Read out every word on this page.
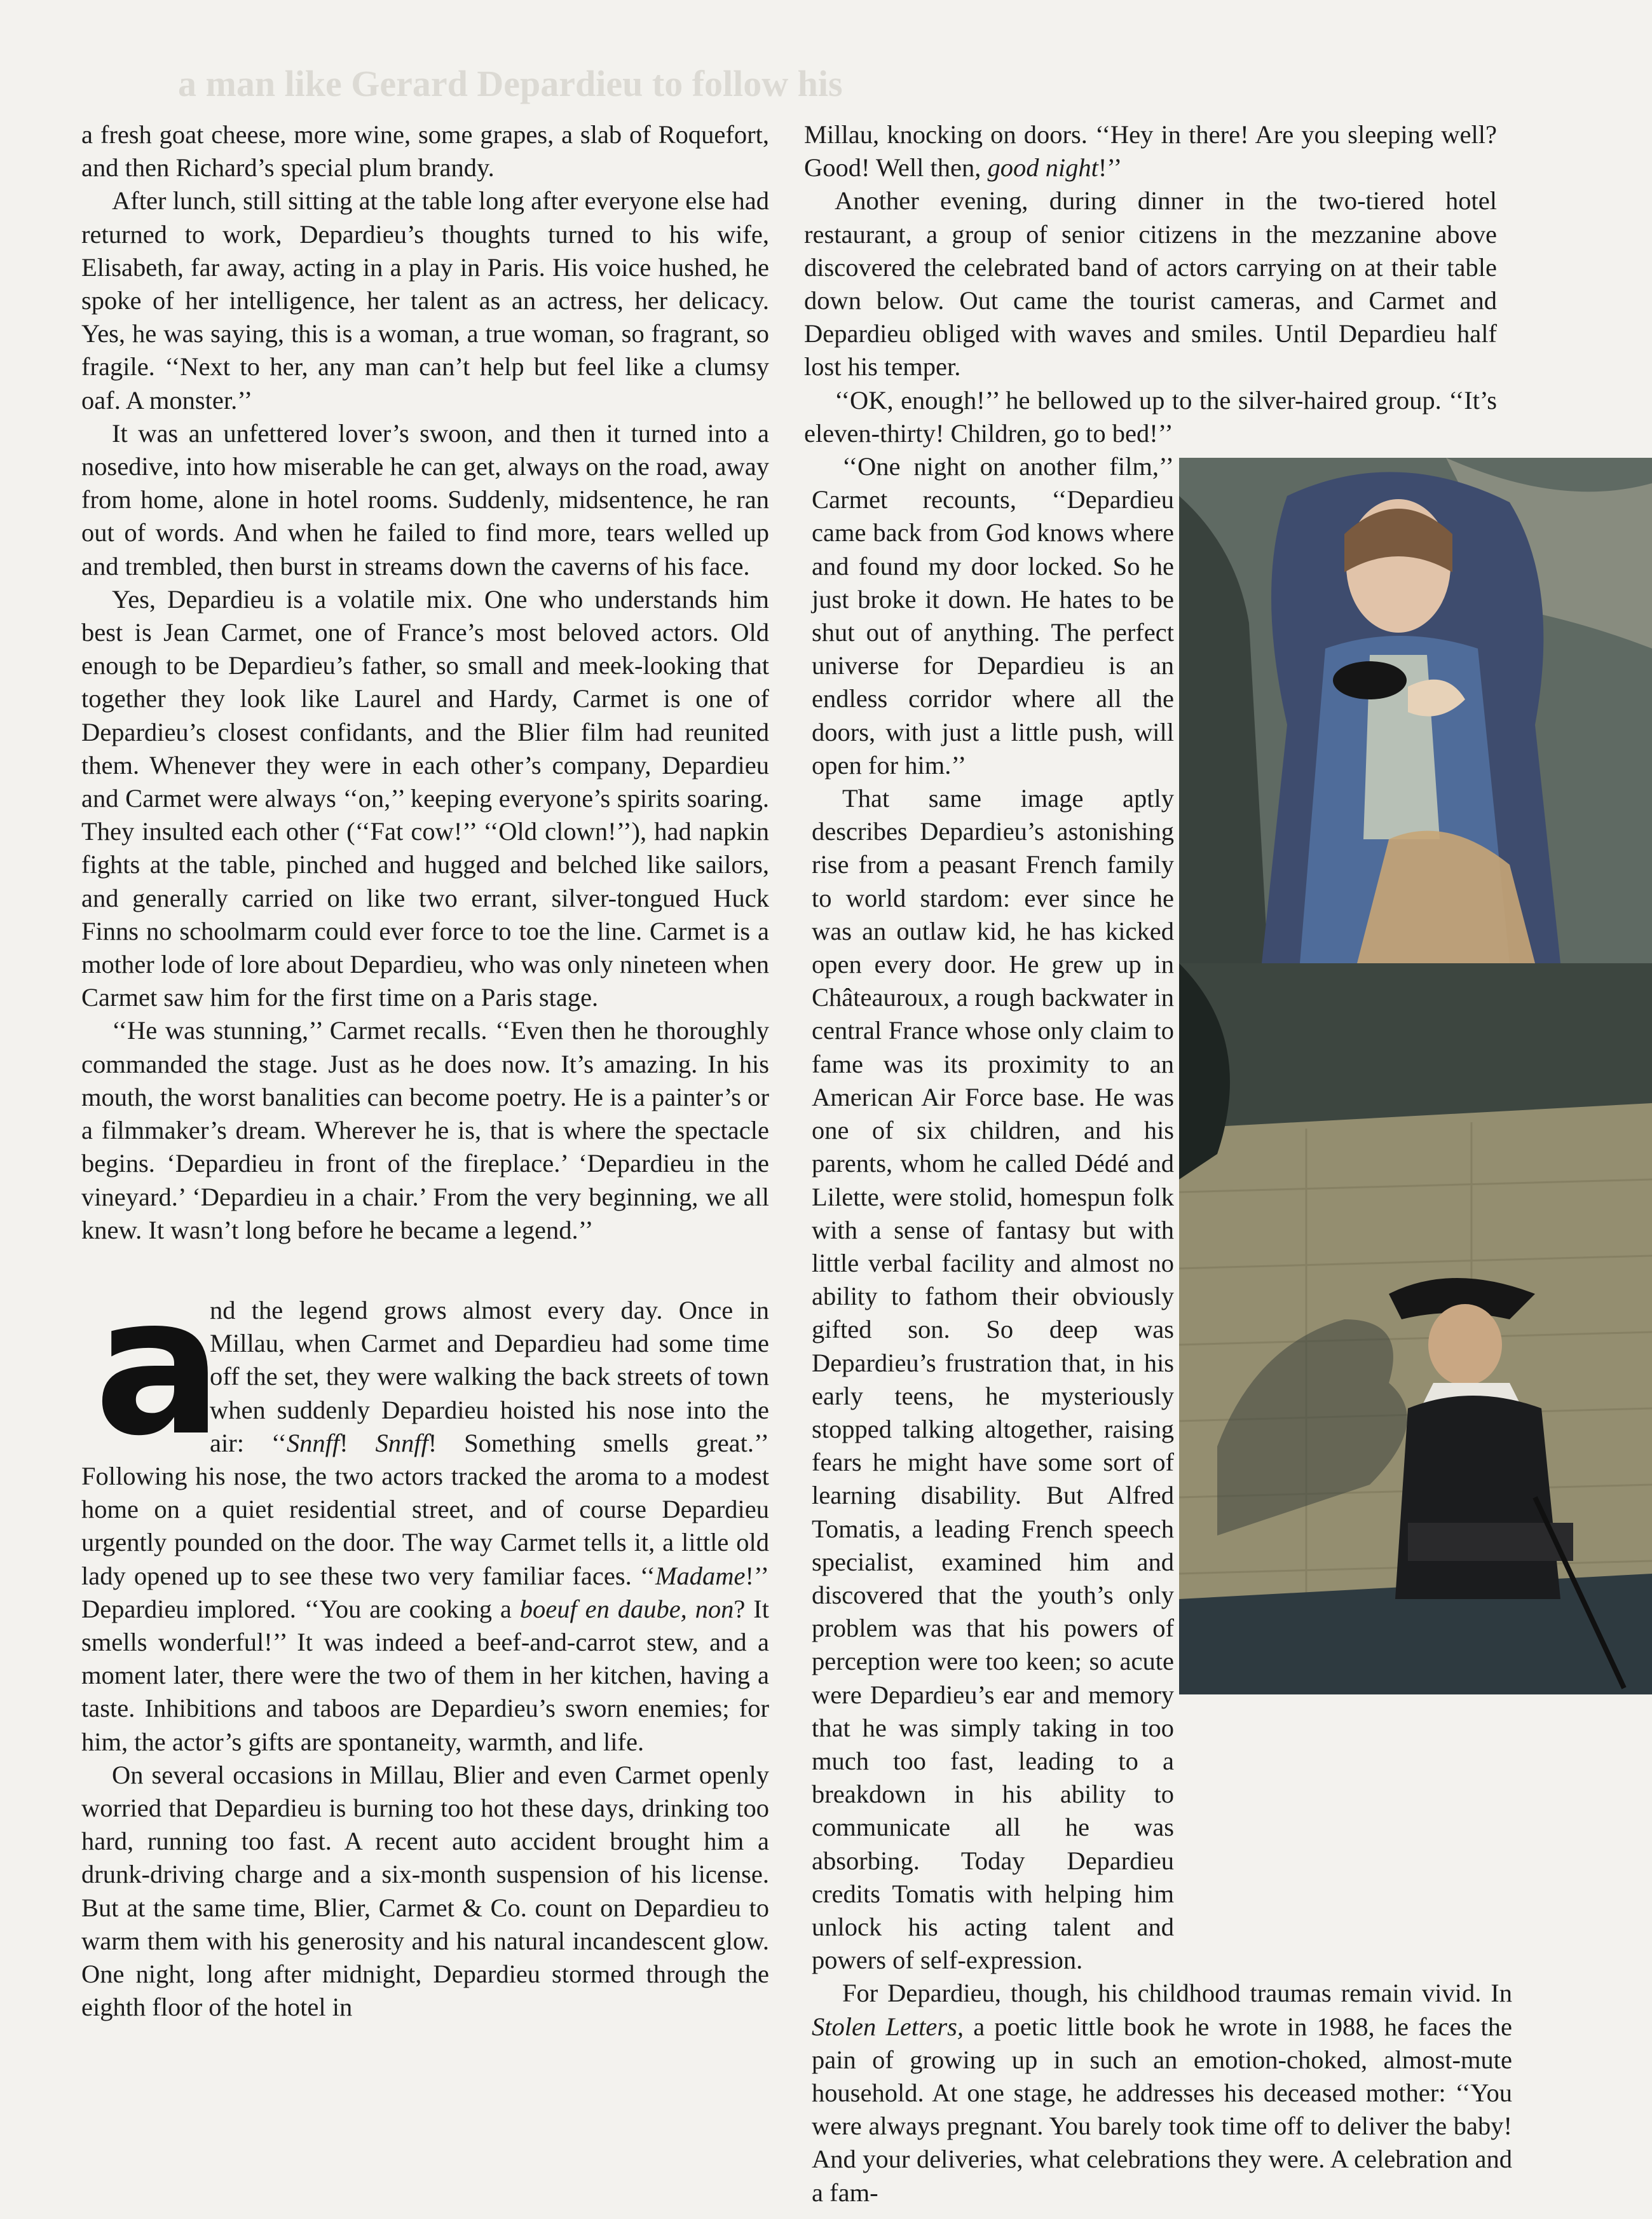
a man like Gerard Depardieu to follow his

a fresh goat cheese, more wine, some grapes, a slab of Roquefort, and then Richard’s special plum brandy.

After lunch, still sitting at the table long after everyone else had returned to work, Depardieu’s thoughts turned to his wife, Elisabeth, far away, acting in a play in Paris. His voice hushed, he spoke of her intelligence, her talent as an actress, her delicacy. Yes, he was saying, this is a woman, a true woman, so fragrant, so fragile. ‘‘Next to her, any man can’t help but feel like a clumsy oaf. A monster.’’

It was an unfettered lover’s swoon, and then it turned into a nosedive, into how miserable he can get, always on the road, away from home, alone in hotel rooms. Suddenly, midsentence, he ran out of words. And when he failed to find more, tears welled up and trembled, then burst in streams down the caverns of his face.

Yes, Depardieu is a volatile mix. One who understands him best is Jean Carmet, one of France’s most beloved actors. Old enough to be Depardieu’s father, so small and meek-looking that together they look like Laurel and Hardy, Carmet is one of Depardieu’s closest confidants, and the Blier film had reunited them. Whenever they were in each other’s company, Depardieu and Carmet were always ‘‘on,’’ keeping everyone’s spirits soaring. They insulted each other (‘‘Fat cow!’’ ‘‘Old clown!’’), had napkin fights at the table, pinched and hugged and belched like sailors, and generally carried on like two errant, silver-tongued Huck Finns no schoolmarm could ever force to toe the line. Carmet is a mother lode of lore about Depardieu, who was only nineteen when Carmet saw him for the first time on a Paris stage.

‘‘He was stunning,’’ Carmet recalls. ‘‘Even then he thoroughly commanded the stage. Just as he does now. It’s amazing. In his mouth, the worst banalities can become poetry. He is a painter’s or a filmmaker’s dream. Wherever he is, that is where the spectacle begins. ‘Depardieu in front of the fireplace.’ ‘Depardieu in the vineyard.’ ‘Depardieu in a chair.’ From the very beginning, we all knew. It wasn’t long before he became a legend.’’

a
nd the legend grows almost every day. Once in Millau, when Carmet and Depardieu had some time off the set, they were walking the back streets of town when suddenly Depardieu hoisted his nose into the air: ‘‘Snnff! Snnff! Something smells great.’’ Following his nose, the two actors tracked the aroma to a modest home on a quiet residential street, and of course Depardieu urgently pounded on the door. The way Carmet tells it, a little old lady opened up to see these two very familiar faces. ‘‘Madame!’’ Depardieu implored. ‘‘You are cooking a boeuf en daube, non? It smells wonderful!’’ It was indeed a beef-and-carrot stew, and a moment later, there were the two of them in her kitchen, having a taste. Inhibitions and taboos are Depardieu’s sworn enemies; for him, the actor’s gifts are spontaneity, warmth, and life.

On several occasions in Millau, Blier and even Carmet openly worried that Depardieu is burning too hot these days, drinking too hard, running too fast. A recent auto accident brought him a drunk-driving charge and a six-month suspension of his license. But at the same time, Blier, Carmet & Co. count on Depardieu to warm them with his generosity and his natural incandescent glow. One night, long after midnight, Depardieu stormed through the eighth floor of the hotel in

Millau, knocking on doors. ‘‘Hey in there! Are you sleeping well? Good! Well then, good night!’’

Another evening, during dinner in the two-tiered hotel restaurant, a group of senior citizens in the mezzanine above discovered the celebrated band of actors carrying on at their table down below. Out came the tourist cameras, and Carmet and Depardieu obliged with waves and smiles. Until Depardieu half lost his temper.

‘‘OK, enough!’’ he bellowed up to the silver-haired group. ‘‘It’s eleven-thirty! Children, go to bed!’’

‘‘One night on another film,’’ Carmet recounts, ‘‘Depardieu came back from God knows where and found my door locked. So he just broke it down. He hates to be shut out of anything. The perfect universe for Depardieu is an endless corridor where all the doors, with just a little push, will open for him.’’

That same image aptly describes Depardieu’s astonishing rise from a peasant French family to world stardom: ever since he was an outlaw kid, he has kicked open every door. He grew up in Châteauroux, a rough backwater in central France whose only claim to fame was its proximity to an American Air Force base. He was one of six children, and his parents, whom he called Dédé and Lilette, were stolid, homespun folk with a sense of fantasy but with little verbal facility and almost no ability to fathom their obviously gifted son. So deep was Depardieu’s frustration that, in his early teens, he mysteriously stopped talking altogether, raising fears he might have some sort of learning disability. But Alfred Tomatis, a leading French speech specialist, examined him and discovered that the youth’s only problem was that his powers of perception were too keen; so acute were Depardieu’s ear and memory that he was simply taking in too much too fast, leading to a breakdown in his ability to communicate all he was absorbing. Today Depardieu credits Tomatis with helping him unlock his acting talent and powers of self-expression.

For Depardieu, though, his childhood traumas remain vivid. In Stolen Letters, a poetic little book he wrote in 1988, he faces the pain of growing up in such an emotion-choked, almost-mute household. At one stage, he addresses his deceased mother: ‘‘You were always pregnant. You barely took time off to deliver the baby! And your deliveries, what celebrations they were. A celebration and a fam-
